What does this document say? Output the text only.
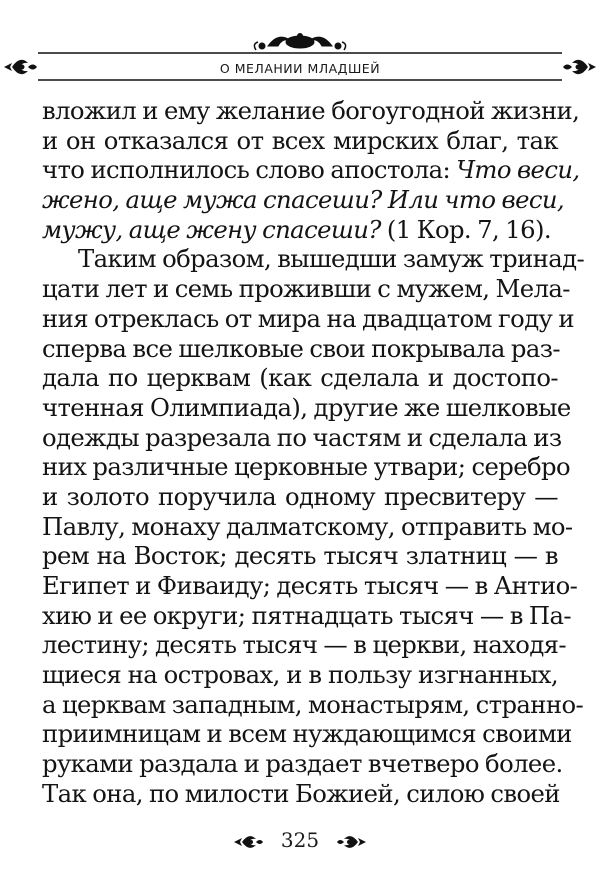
О МЕЛАНИИ МЛАДШЕЙ
вложил и ему желание богоугодной жизни,
и он отказался от всех мирских благ, так
что исполнилось слово апостола: Что веси,
жено, аще мужа спасеши? Или что веси,
мужу, аще жену спасеши? (1 Кор. 7, 16).
Таким образом, вышедши замуж тринад-
цати лет и семь проживши с мужем, Мела-
ния отреклась от мира на двадцатом году и
сперва все шелковые свои покрывала раз-
дала по церквам (как сделала и достопо-
чтенная Олимпиада), другие же шелковые
одежды разрезала по частям и сделала из
них различные церковные утвари; серебро
и золото поручила одному пресвитеру —
Павлу, монаху далматскому, отправить мо-
рем на Восток; десять тысяч златниц — в
Египет и Фиваиду; десять тысяч — в Антио-
хию и ее округи; пятнадцать тысяч — в Па-
лестину; десять тысяч — в церкви, находя-
щиеся на островах, и в пользу изгнанных,
а церквам западным, монастырям, странно-
приимницам и всем нуждающимся своими
руками раздала и раздает вчетверо более.
Так она, по милости Божией, силою своей
325
